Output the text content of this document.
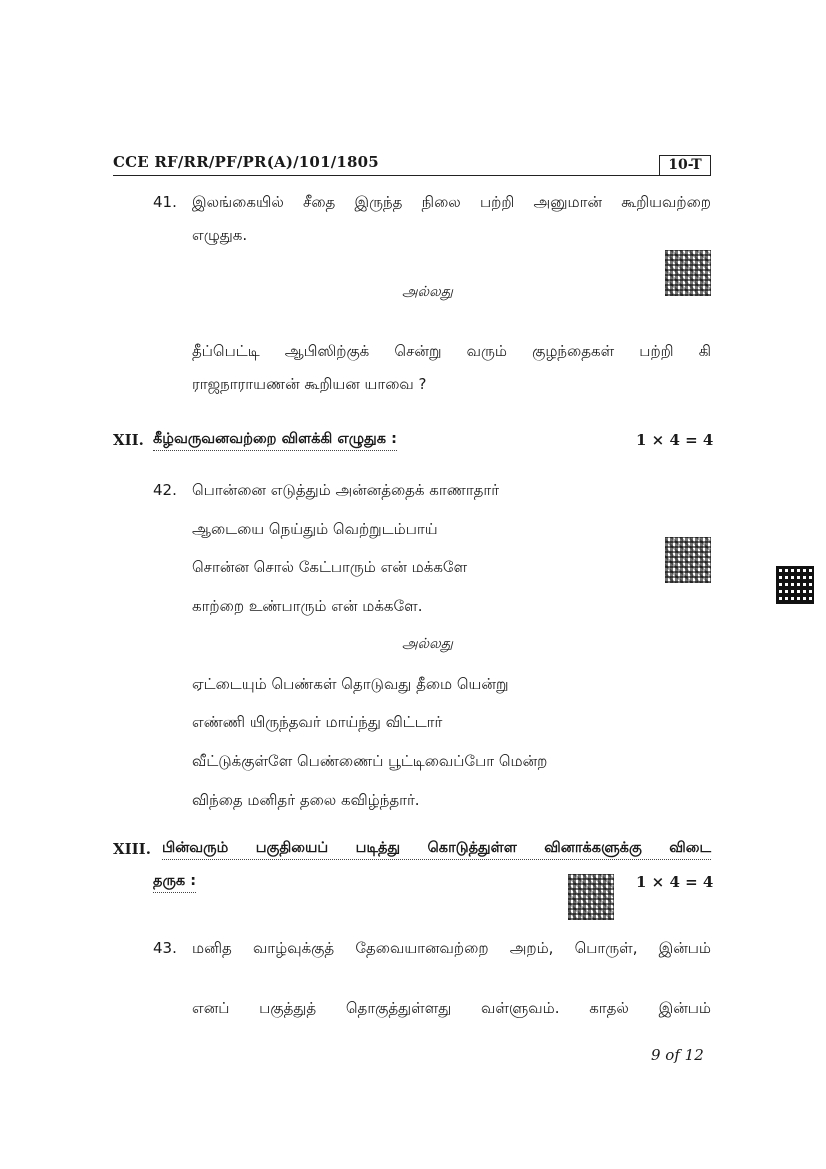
CCE RF/RR/PF/PR(A)/101/1805	10-T
41. இலங்கையில் சீதை இருந்த நிலை பற்றி அனுமான் கூறியவற்றை
எழுதுக.
அல்லது
தீப்பெட்டி ஆபிஸிற்குக் சென்று வரும் குழந்தைகள் பற்றி கி
ராஜநாராயணன் கூறியன யாவை ?
XII. கீழ்வருவனவற்றை விளக்கி எழுதுக :	1 × 4 = 4
42. பொன்னை எடுத்தும் அன்னத்தைக் காணாதார்
ஆடையை நெய்தும் வெற்றுடம்பாய்
சொன்ன சொல் கேட்பாரும் என் மக்களே
காற்றை உண்பாரும் என் மக்களே.
அல்லது
ஏட்டையும் பெண்கள் தொடுவது தீமை யென்று
எண்ணி யிருந்தவர் மாய்ந்து விட்டார்
வீட்டுக்குள்ளே பெண்ணைப் பூட்டிவைப்போ மென்ற
விந்தை மனிதர் தலை கவிழ்ந்தார்.
XIII. பின்வரும் பகுதியைப் படித்து கொடுத்துள்ள வினாக்களுக்கு விடை
தருக :	1 × 4 = 4
43. மனித வாழ்வுக்குத் தேவையானவற்றை அறம், பொருள், இன்பம்
எனப் பகுத்துத் தொகுத்துள்ளது வள்ளுவம். காதல் இன்பம்
9 of 12
